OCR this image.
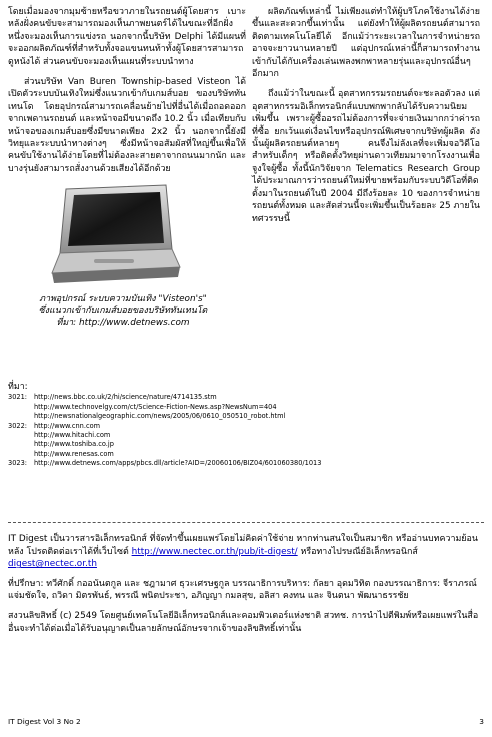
โดยเมื่อมองจากมุมซ้ายหรือขวาภายในรถยนต์ผู้โดยสาร เบาะหลังฝั่งคนขับจะสามารถมองเห็นภาพยนตร์ได้ในขณะที่อีกฝั่งหนึ่งจะมองเห็นการแข่งรถ นอกจากนี้บริษัท Delphi ได้มีแผนที่จะออกผลิตภัณฑ์ที่สำหรับทั้งจอแขนทนท้าทั้งผู้โดยสารสามารถดูหนังได้ ส่วนคนขับจะมองเห็นแผนที่ระบบนำทาง

ส่วนบริษัท Van Buren Township-based Visteon ได้เปิดตัวระบบบันเทิงใหม่ซึ่งแนวกเข้ากับเกมส์บอย ของบริษัททันเทนโด โดยอุปกรณ์สามารถเคลื่อนย้ายไปที่อื่นได้เมื่อถอดออกจากเพดานรถยนต์ และหน้าจอมีขนาดถึง 10.2 นิ้ว เมื่อเทียบกับหน้าจอของเกมส์บอยซึ่งมีขนาดเพียง 2x2 นิ้ว นอกจากนี้ยังมีวิทยุและระบบนำทางต่างๆ ซึ่งมีหน้าจอสัมผัสที่ใหญ่ขึ้นเพื่อให้คนขับใช้งานได้ง่ายโดยที่ไม่ต้องละสายตาจากถนนมากนัก และบางรุ่นยังสามารถสั่งงานด้วยเสียงได้อีกด้วย

ภาพอุปกรณ์ ระบบความบันเทิง "Visteon's"
ซึ่งแนวกเข้ากับเกมส์บอยของบริษัททันเทนโด
ที่มา: http://www.detnews.com

ผลิตภัณฑ์เหล่านี้ ไม่เพียงแต่ทำให้ผู้บริโภคใช้งานได้ง่ายขึ้นและสะดวกขึ้นเท่านั้น แต่ยังทำให้ผู้ผลิตรถยนต์สามารถติดตามเทคโนโลยีได้ อีกแม้ว่าระยะเวลาในการจำหน่ายรถอาจจะยาวนานหลายปี แต่อุปกรณ์เหล่านี้ก็สามารถทำงานเข้ากับได้กับเครื่องเล่นเพลงพกพาหลายรุ่นและอุปกรณ์อื่นๆ อีกมาก

ถึงแม้ว่าในขณะนี้ อุตสาหกรรมรถยนต์จะชะลอตัวลง แต่อุตสาหกรรมอิเล็กทรอนิกส์แบบพกพากลับได้รับความนิยมเพิ่มขึ้น เพราะผู้ซื้ออรถไม่ต้องการที่จะจ่ายเงินมากกว่าค่ารถที่ซื้อ ยกเว้นแต่เงื่อนไขหรืออุปกรณ์พิเศษจากบริษัทผู้ผลิต ดังนั้นผู้ผลิตรถยนต์หลายๆ คนจึงไม่ลังเลที่จะเพิ่มจอวิดีโอสำหรับเด็กๆ หรือติดตั้งวิทยุผ่านดาวเทียมมาจากโรงงานเพื่อจูงใจผู้ซื้อ ทั้งนี้นักวิจัยจาก Telematics Research Group ได้ประมาณการว่ารถยนต์ใหม่ที่ขายพร้อมกับระบบวิดีโอที่ติดตั้งมาในรถยนต์ในปี 2004 มีถึงร้อยละ 10 ของการจำหน่ายรถยนต์ทั้งหมด และสัดส่วนนี้จะเพิ่มขึ้นเป็นร้อยละ 25 ภายในทศวรรษนี้

ที่มา:
3021:	http://news.bbc.co.uk/2/hi/science/nature/4714135.stm
http://www.technovelgy.com/ct/Science-Fiction-News.asp?NewsNum=404
http://newsnationalgeographic.com/news/2005/06/0610_050510_robot.html
3022:	http://www.cnn.com
http://www.hitachi.com
http://www.toshiba.co.jp
http://www.renesas.com
3023:	http://www.detnews.com/apps/pbcs.dll/article?AID=/20060106/BIZ04/601060380/1013

IT Digest เป็นวารสารอิเล็กทรอนิกส์ ที่จัดทำขึ้นเผยแพร่โดยไม่คิดค่าใช้จ่าย หากท่านสนใจเป็นสมาชิก หรืออ่านบทความย้อนหลัง โปรดติดต่อเราได้ที่เว็บไซต์ http://www.nectec.or.th/pub/it-digest/ หรือทางไปรษณีย์อิเล็กทรอนิกส์ digest@nectec.or.th

ที่ปรึกษา: ทวีศักดิ์ กออนันตกูล และ ชฎามาศ ธุวะเศรษฐกูล บรรณาธิการบริหาร: กัลยา อุดมวิทิต กองบรรณาธิการ: จีราภรณ์ แจ่มชัดใจ, ถวิดา มิตรพันธ์, พรรณี พนิตประชา, อภิญญา กมลสุข, อลิสา คงทน และ จินตนา พัฒนาธรรชัย

สงวนลิขสิทธิ์ (c) 2549 โดยศูนย์เทคโนโลยีอิเล็กทรอนิกส์และคอมพิวเตอร์แห่งชาติ สวทช. การนำไปตีพิมพ์หรือเผยแพร่ในสื่ออื่นจะทำได้ต่อเมื่อได้รับอนุญาตเป็นลายลักษณ์อักษรจากเจ้าของลิขสิทธิ์เท่านั้น

IT Digest Vol 3 No 2	3
